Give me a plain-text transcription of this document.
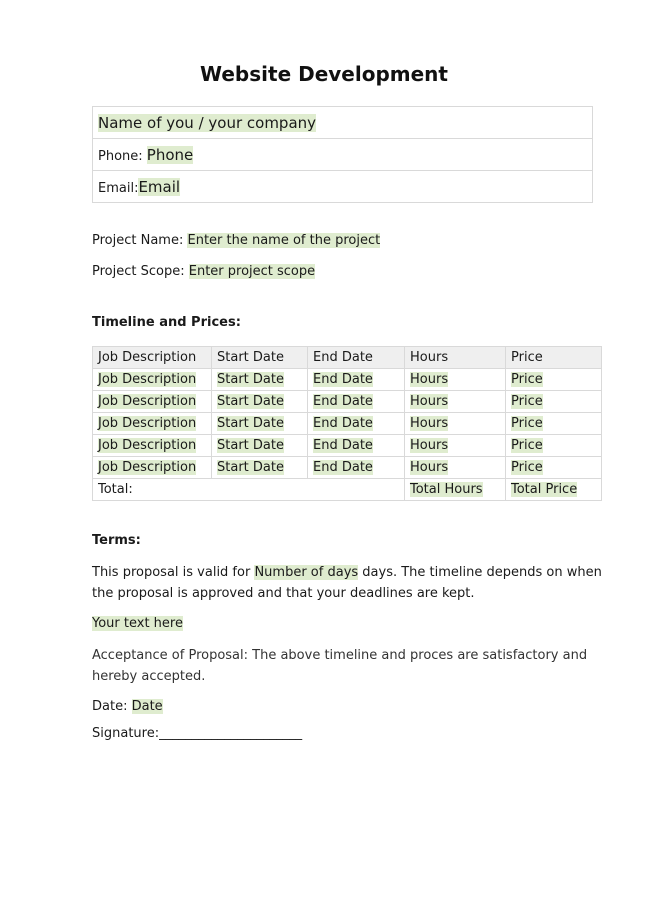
Website Development
Name of you / your company
Phone: Phone
Email:Email
Project Name: Enter the name of the project
Project Scope: Enter project scope
Timeline and Prices:
Job Description	Start Date	End Date	Hours	Price
Job Description	Start Date	End Date	Hours	Price
Job Description	Start Date	End Date	Hours	Price
Job Description	Start Date	End Date	Hours	Price
Job Description	Start Date	End Date	Hours	Price
Job Description	Start Date	End Date	Hours	Price
Total:			Total Hours	Total Price
Terms:
This proposal is valid for Number of days days. The timeline depends on when the proposal is approved and that your deadlines are kept.
Your text here
Acceptance of Proposal: The above timeline and proces are satisfactory and hereby accepted.
Date: Date
Signature:______________________
